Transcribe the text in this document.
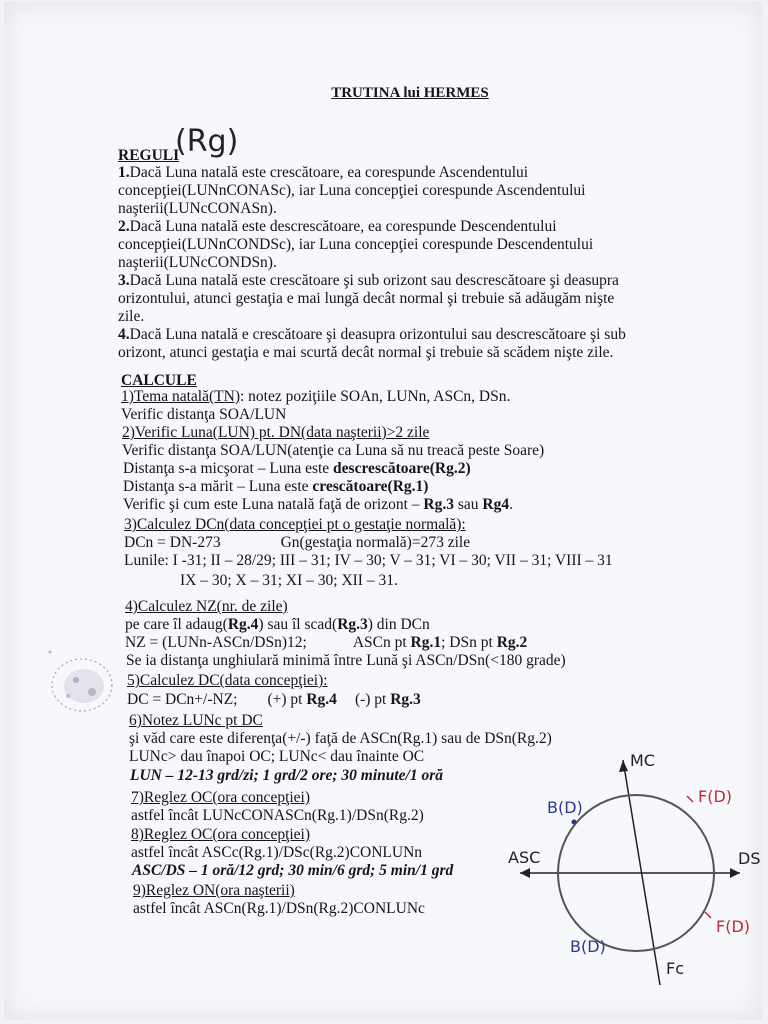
TRUTINA lui HERMES
(Rg)
REGULI
1.Dacă Luna natală este crescătoare, ea corespunde Ascendentului
concepţiei(LUNnCONASc), iar Luna concepţiei corespunde Ascendentului
naşterii(LUNcCONASn).
2.Dacă Luna natală este descrescătoare, ea corespunde Descendentului
concepţiei(LUNnCONDSc), iar Luna concepţiei corespunde Descendentului
naşterii(LUNcCONDSn).
3.Dacă Luna natală este crescătoare şi sub orizont sau descrescătoare şi deasupra
orizontului, atunci gestaţia e mai lungă decât normal şi trebuie să adăugăm nişte
zile.
4.Dacă Luna natală e crescătoare şi deasupra orizontului sau descrescătoare şi sub
orizont, atunci gestaţia e mai scurtă decât normal şi trebuie să scădem nişte zile.
CALCULE
1)Tema natală(TN): notez poziţiile SOAn, LUNn, ASCn, DSn.
Verific distanţa SOA/LUN
2)Verific Luna(LUN) pt. DN(data naşterii)>2 zile
Verific distanţa SOA/LUN(atenţie ca Luna să nu treacă peste Soare)
Distanţa s-a micşorat – Luna este descrescătoare(Rg.2)
Distanţa s-a mărit – Luna este crescătoare(Rg.1)
Verific şi cum este Luna natală faţă de orizont – Rg.3 sau Rg4.
3)Calculez DCn(data concepţiei pt o gestaţie normală):
DCn = DN-273	Gn(gestaţia normală)=273 zile
Lunile: I -31; II – 28/29; III – 31; IV – 30; V – 31; VI – 30; VII – 31; VIII – 31
IX – 30; X – 31; XI – 30; XII – 31.
4)Calculez NZ(nr. de zile)
pe care îl adaug(Rg.4) sau îl scad(Rg.3) din DCn
NZ = (LUNn-ASCn/DSn)12;	ASCn pt Rg.1; DSn pt Rg.2
Se ia distanţa unghiulară minimă între Lună şi ASCn/DSn(<180 grade)
5)Calculez DC(data concepţiei):
DC = DCn+/-NZ; (+) pt Rg.4 (-) pt Rg.3
6)Notez LUNc pt DC
şi văd care este diferenţa(+/-) faţă de ASCn(Rg.1) sau de DSn(Rg.2)
LUNc> dau înapoi OC; LUNc< dau înainte OC
LUN – 12-13 grd/zi; 1 grd/2 ore; 30 minute/1 oră
7)Reglez OC(ora concepţiei)
astfel încât LUNcCONASCn(Rg.1)/DSn(Rg.2)
8)Reglez OC(ora concepţiei)
astfel încât ASCc(Rg.1)/DSc(Rg.2)CONLUNn
ASC/DS – 1 oră/12 grd; 30 min/6 grd; 5 min/1 grd
9)Reglez ON(ora naşterii)
astfel încât ASCn(Rg.1)/DSn(Rg.2)CONLUNc
MC
Fc
ASC	DS
B(D)
B(D)
F(D)
F(D)
